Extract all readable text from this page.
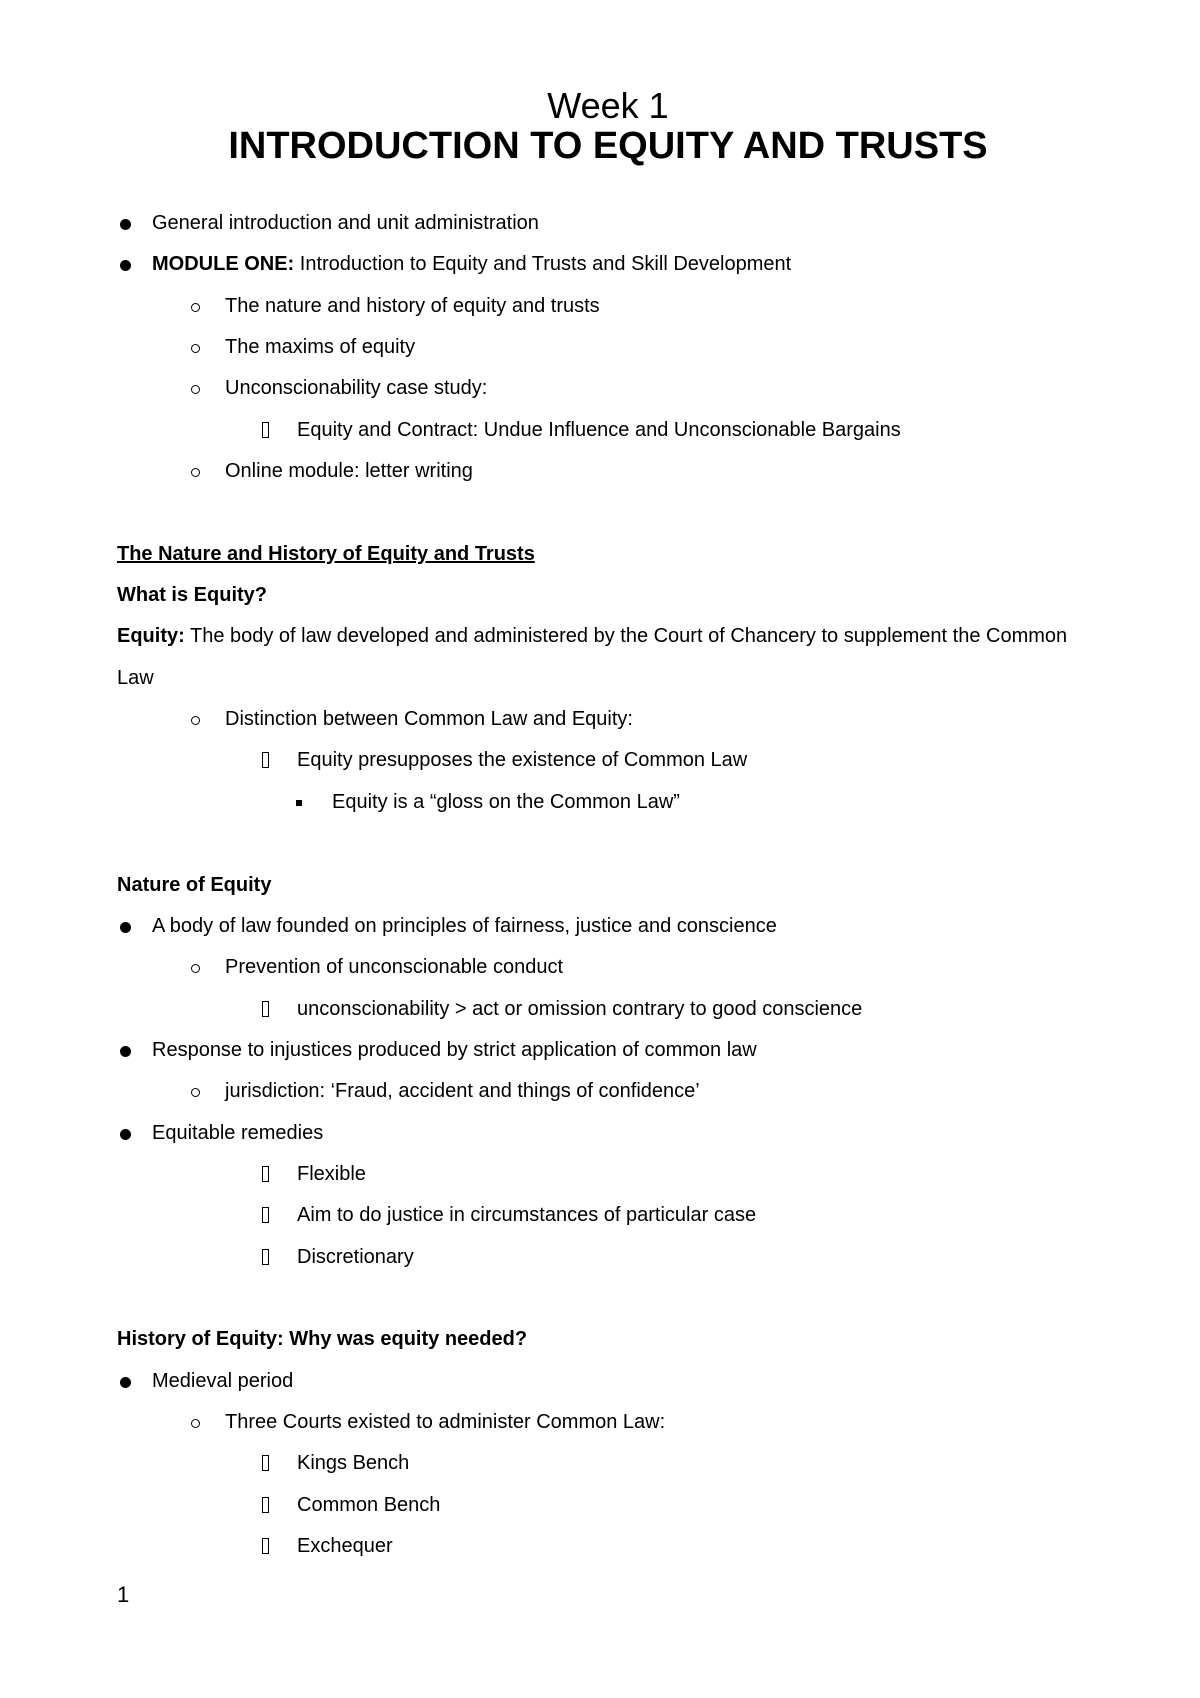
Week 1
INTRODUCTION TO EQUITY AND TRUSTS
General introduction and unit administration
MODULE ONE: Introduction to Equity and Trusts and Skill Development
The nature and history of equity and trusts
The maxims of equity
Unconscionability case study:
Equity and Contract: Undue Influence and Unconscionable Bargains
Online module: letter writing
The Nature and History of Equity and Trusts
What is Equity?
Equity: The body of law developed and administered by the Court of Chancery to supplement the Common
Law
Distinction between Common Law and Equity:
Equity presupposes the existence of Common Law
Equity is a “gloss on the Common Law”
Nature of Equity
A body of law founded on principles of fairness, justice and conscience
Prevention of unconscionable conduct
unconscionability > act or omission contrary to good conscience
Response to injustices produced by strict application of common law
jurisdiction: ‘Fraud, accident and things of confidence’
Equitable remedies
Flexible
Aim to do justice in circumstances of particular case
Discretionary
History of Equity: Why was equity needed?
Medieval period
Three Courts existed to administer Common Law:
Kings Bench
Common Bench
Exchequer
1
